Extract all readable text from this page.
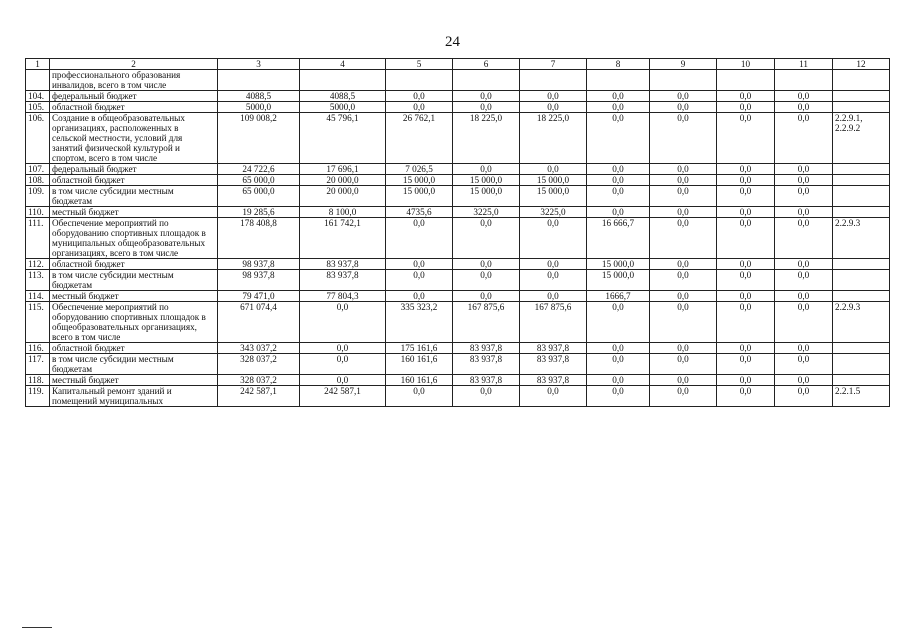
24
1	2	3	4	5	6	7	8	9	10	11	12
	профессионального образования инвалидов, всего в том числе										
104.	федеральный бюджет	4088,5	4088,5	0,0	0,0	0,0	0,0	0,0	0,0	0,0	
105.	областной бюджет	5000,0	5000,0	0,0	0,0	0,0	0,0	0,0	0,0	0,0	
106.	Создание в общеобразовательных организациях, расположенных в сельской местности, условий для занятий физической культурой и спортом, всего в том числе	109 008,2	45 796,1	26 762,1	18 225,0	18 225,0	0,0	0,0	0,0	0,0	2.2.9.1, 2.2.9.2
107.	федеральный бюджет	24 722,6	17 696,1	7 026,5	0,0	0,0	0,0	0,0	0,0	0,0	
108.	областной бюджет	65 000,0	20 000,0	15 000,0	15 000,0	15 000,0	0,0	0,0	0,0	0,0	
109.	в том числе субсидии местным бюджетам	65 000,0	20 000,0	15 000,0	15 000,0	15 000,0	0,0	0,0	0,0	0,0	
110.	местный бюджет	19 285,6	8 100,0	4735,6	3225,0	3225,0	0,0	0,0	0,0	0,0	
111.	Обеспечение мероприятий по оборудованию спортивных площадок в муниципальных общеобразовательных организациях, всего в том числе	178 408,8	161 742,1	0,0	0,0	0,0	16 666,7	0,0	0,0	0,0	2.2.9.3
112.	областной бюджет	98 937,8	83 937,8	0,0	0,0	0,0	15 000,0	0,0	0,0	0,0	
113.	в том числе субсидии местным бюджетам	98 937,8	83 937,8	0,0	0,0	0,0	15 000,0	0,0	0,0	0,0	
114.	местный бюджет	79 471,0	77 804,3	0,0	0,0	0,0	1666,7	0,0	0,0	0,0	
115.	Обеспечение мероприятий по оборудованию спортивных площадок в общеобразовательных организациях, всего в том числе	671 074,4	0,0	335 323,2	167 875,6	167 875,6	0,0	0,0	0,0	0,0	2.2.9.3
116.	областной бюджет	343 037,2	0,0	175 161,6	83 937,8	83 937,8	0,0	0,0	0,0	0,0	
117.	в том числе субсидии местным бюджетам	328 037,2	0,0	160 161,6	83 937,8	83 937,8	0,0	0,0	0,0	0,0	
118.	местный бюджет	328 037,2	0,0	160 161,6	83 937,8	83 937,8	0,0	0,0	0,0	0,0	
119.	Капитальный ремонт зданий и помещений муниципальных	242 587,1	242 587,1	0,0	0,0	0,0	0,0	0,0	0,0	0,0	2.2.1.5
